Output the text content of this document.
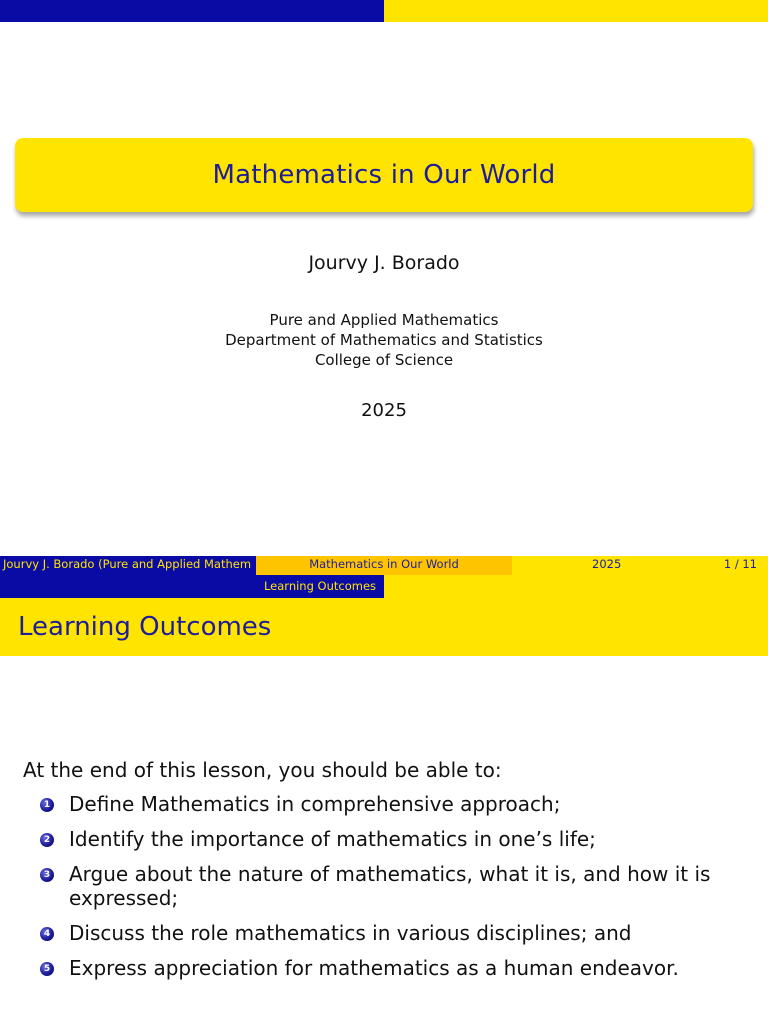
Mathematics in Our World
Jourvy J. Borado
Pure and Applied Mathematics
Department of Mathematics and Statistics
College of Science
2025
Jourvy J. Borado (Pure and Applied Mathem	Mathematics in Our World	2025	1 / 11
Learning Outcomes
Learning Outcomes
At the end of this lesson, you should be able to:
1 Define Mathematics in comprehensive approach;
2 Identify the importance of mathematics in one’s life;
3 Argue about the nature of mathematics, what it is, and how it is expressed;
4 Discuss the role mathematics in various disciplines; and
5 Express appreciation for mathematics as a human endeavor.
